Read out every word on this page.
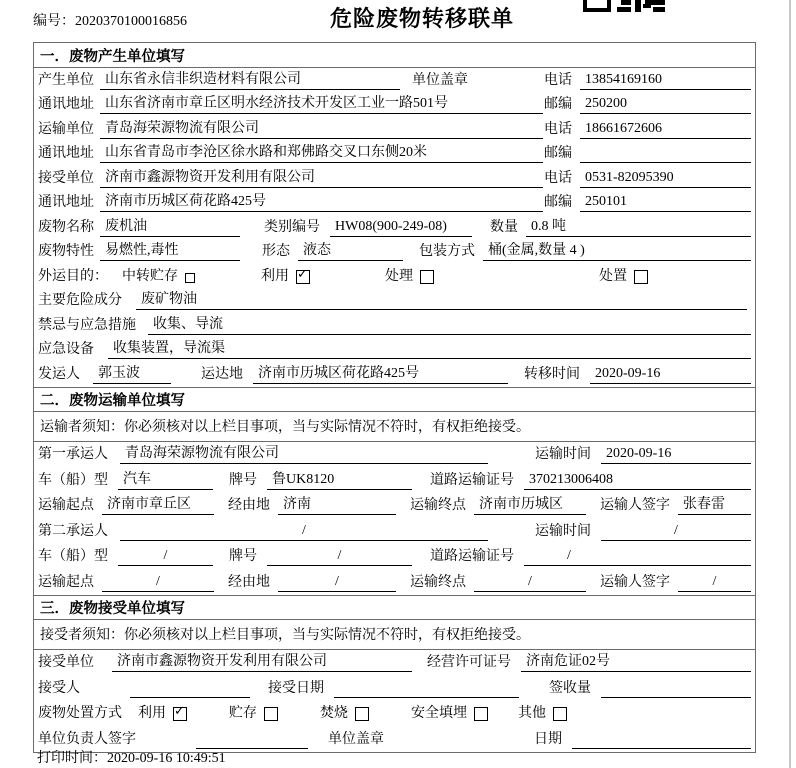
编号：2020370100016856	危险废物转移联单
一．废物产生单位填写
产生单位 山东省永信非织造材料有限公司	单位盖章	电话 13854169160
通讯地址 山东省济南市章丘区明水经济技术开发区工业一路501号	邮编 250200
运输单位 青岛海荣源物流有限公司	电话 18661672606
通讯地址 山东省青岛市李沧区徐水路和郑佛路交叉口东侧20米	邮编
接受单位 济南市鑫源物资开发利用有限公司	电话 0531-82095390
通讯地址 济南市历城区荷花路425号	邮编 250101
废物名称 废机油	类别编号	HW08(900-249-08)	数量 0.8 吨
废物特性 易燃性,毒性	形态 液态	包装方式 桶(金属,数量 4 )
外运目的： 中转贮存	利用 ✓	处理	处置
主要危险成分	废矿物油
禁忌与应急措施	收集、导流
应急设备	收集装置，导流渠
发运人	郭玉波	运达地	济南市历城区荷花路425号	转移时间	2020-09-16
二．废物运输单位填写
运输者须知：你必须核对以上栏目事项，当与实际情况不符时，有权拒绝接受。
第一承运人	青岛海荣源物流有限公司	运输时间	2020-09-16
车（船）型	汽车	牌号	鲁UK8120	道路运输证号	370213006408
运输起点 济南市章丘区	经由地 济南	运输终点 济南市历城区	运输人签字 张春雷
第二承运人	/	运输时间	/
车（船）型	/	牌号	/	道路运输证号	/
运输起点	/	经由地	/	运输终点	/	运输人签字	/
三．废物接受单位填写
接受者须知：你必须核对以上栏目事项，当与实际情况不符时，有权拒绝接受。
接受单位	济南市鑫源物资开发利用有限公司	经营许可证号	济南危证02号
接受人	接受日期	签收量
废物处置方式 利用 ✓	贮存	焚烧	安全填埋	其他
单位负责人签字	单位盖章	日期
打印时间：2020-09-16 10:49:51
